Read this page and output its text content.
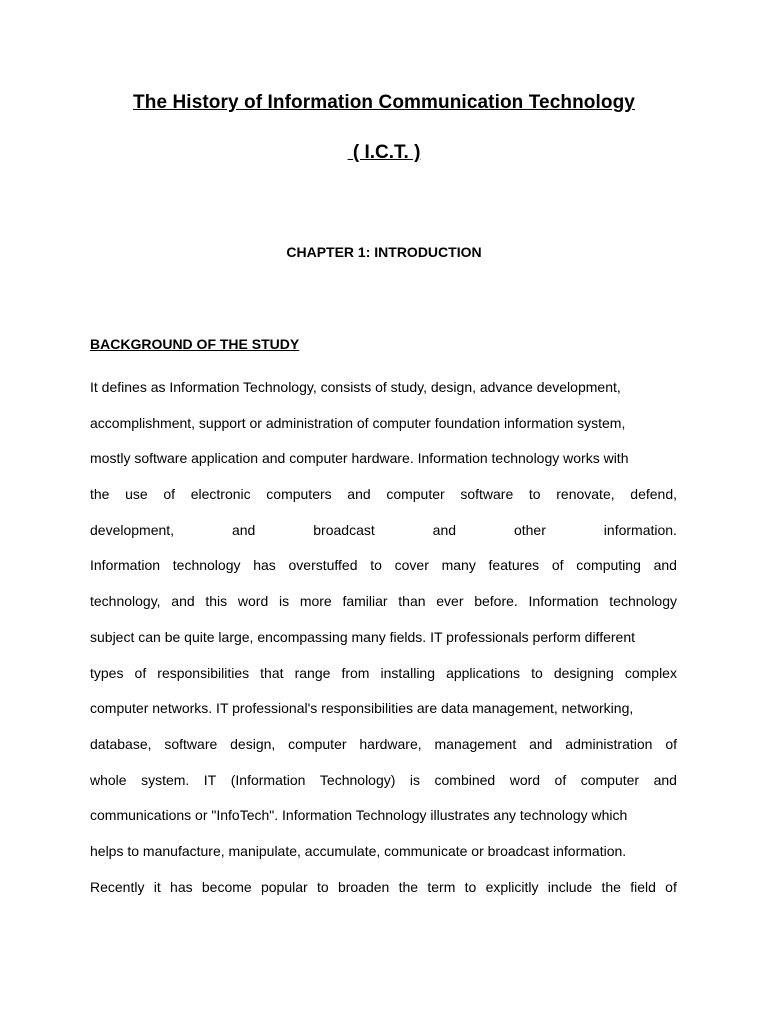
The History of Information Communication Technology
( I.C.T. )
CHAPTER 1: INTRODUCTION
BACKGROUND OF THE STUDY
It defines as Information Technology, consists of study, design, advance development,
accomplishment, support or administration of computer foundation information system,
mostly software application and computer hardware. Information technology works with
the use of electronic computers and computer software to renovate, defend,
development,	and	broadcast	and	other	information.
Information technology has overstuffed to cover many features of computing and
technology, and this word is more familiar than ever before. Information technology
subject can be quite large, encompassing many fields. IT professionals perform different
types of responsibilities that range from installing applications to designing complex
computer networks. IT professional's responsibilities are data management, networking,
database, software design, computer hardware, management and administration of
whole system. IT (Information Technology) is combined word of computer and
communications or "InfoTech". Information Technology illustrates any technology which
helps to manufacture, manipulate, accumulate, communicate or broadcast information.
Recently it has become popular to broaden the term to explicitly include the field of
